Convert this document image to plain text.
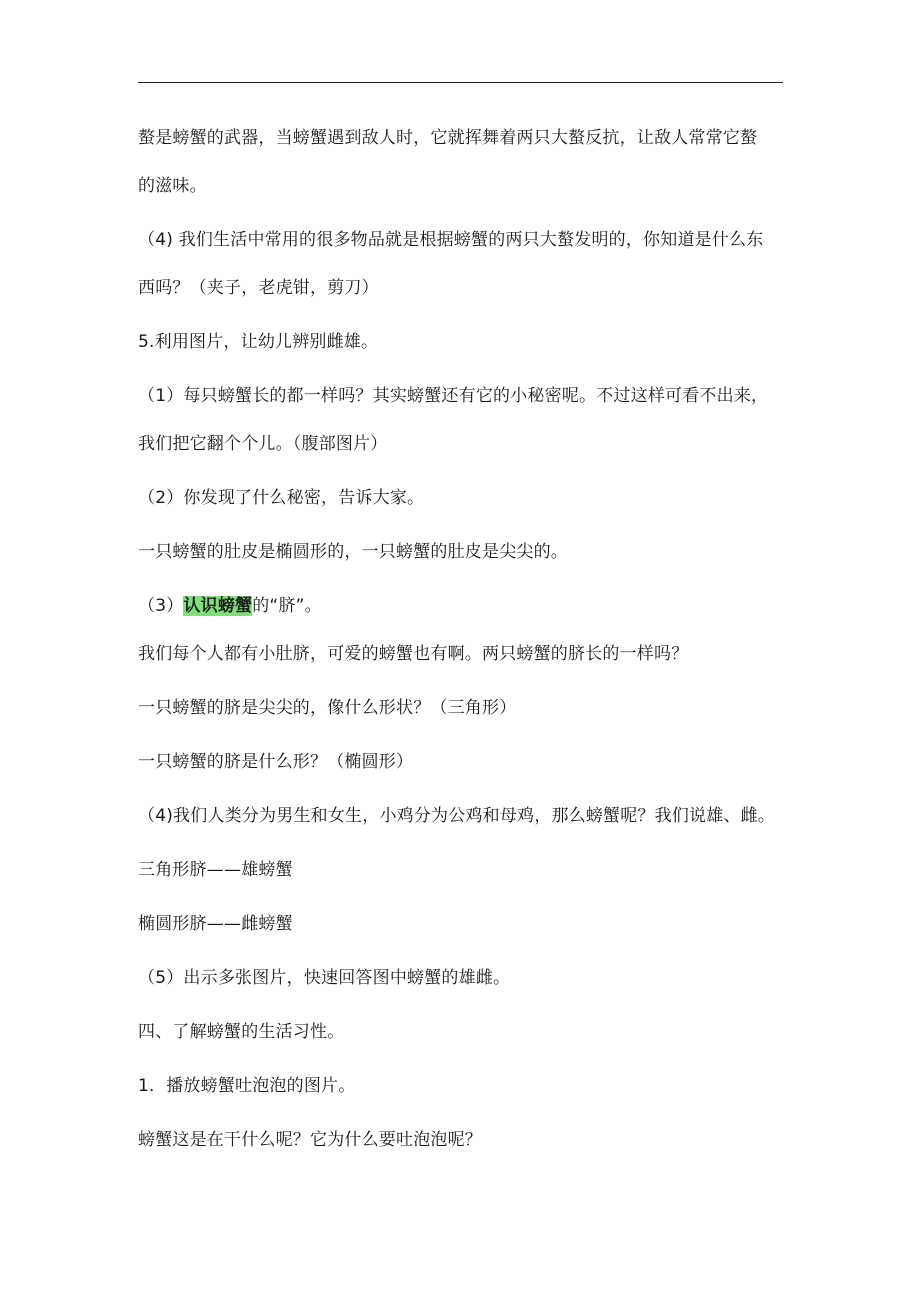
螯是螃蟹的武器，当螃蟹遇到敌人时，它就挥舞着两只大螯反抗，让敌人常常它螯
的滋味。
（4) 我们生活中常用的很多物品就是根据螃蟹的两只大螯发明的，你知道是什么东
西吗？（夹子，老虎钳，剪刀）
5.利用图片，让幼儿辨别雌雄。
（1）每只螃蟹长的都一样吗？其实螃蟹还有它的小秘密呢。不过这样可看不出来，
我们把它翻个个儿。（腹部图片）
（2）你发现了什么秘密，告诉大家。
一只螃蟹的肚皮是椭圆形的，一只螃蟹的肚皮是尖尖的。
（3）认识螃蟹的“脐”。
我们每个人都有小肚脐，可爱的螃蟹也有啊。两只螃蟹的脐长的一样吗？
一只螃蟹的脐是尖尖的，像什么形状？（三角形）
一只螃蟹的脐是什么形？（椭圆形）
（4)我们人类分为男生和女生，小鸡分为公鸡和母鸡，那么螃蟹呢？我们说雄、雌。
三角形脐——雄螃蟹
椭圆形脐——雌螃蟹
（5）出示多张图片，快速回答图中螃蟹的雄雌。
四、了解螃蟹的生活习性。
1．播放螃蟹吐泡泡的图片。
螃蟹这是在干什么呢？它为什么要吐泡泡呢？
